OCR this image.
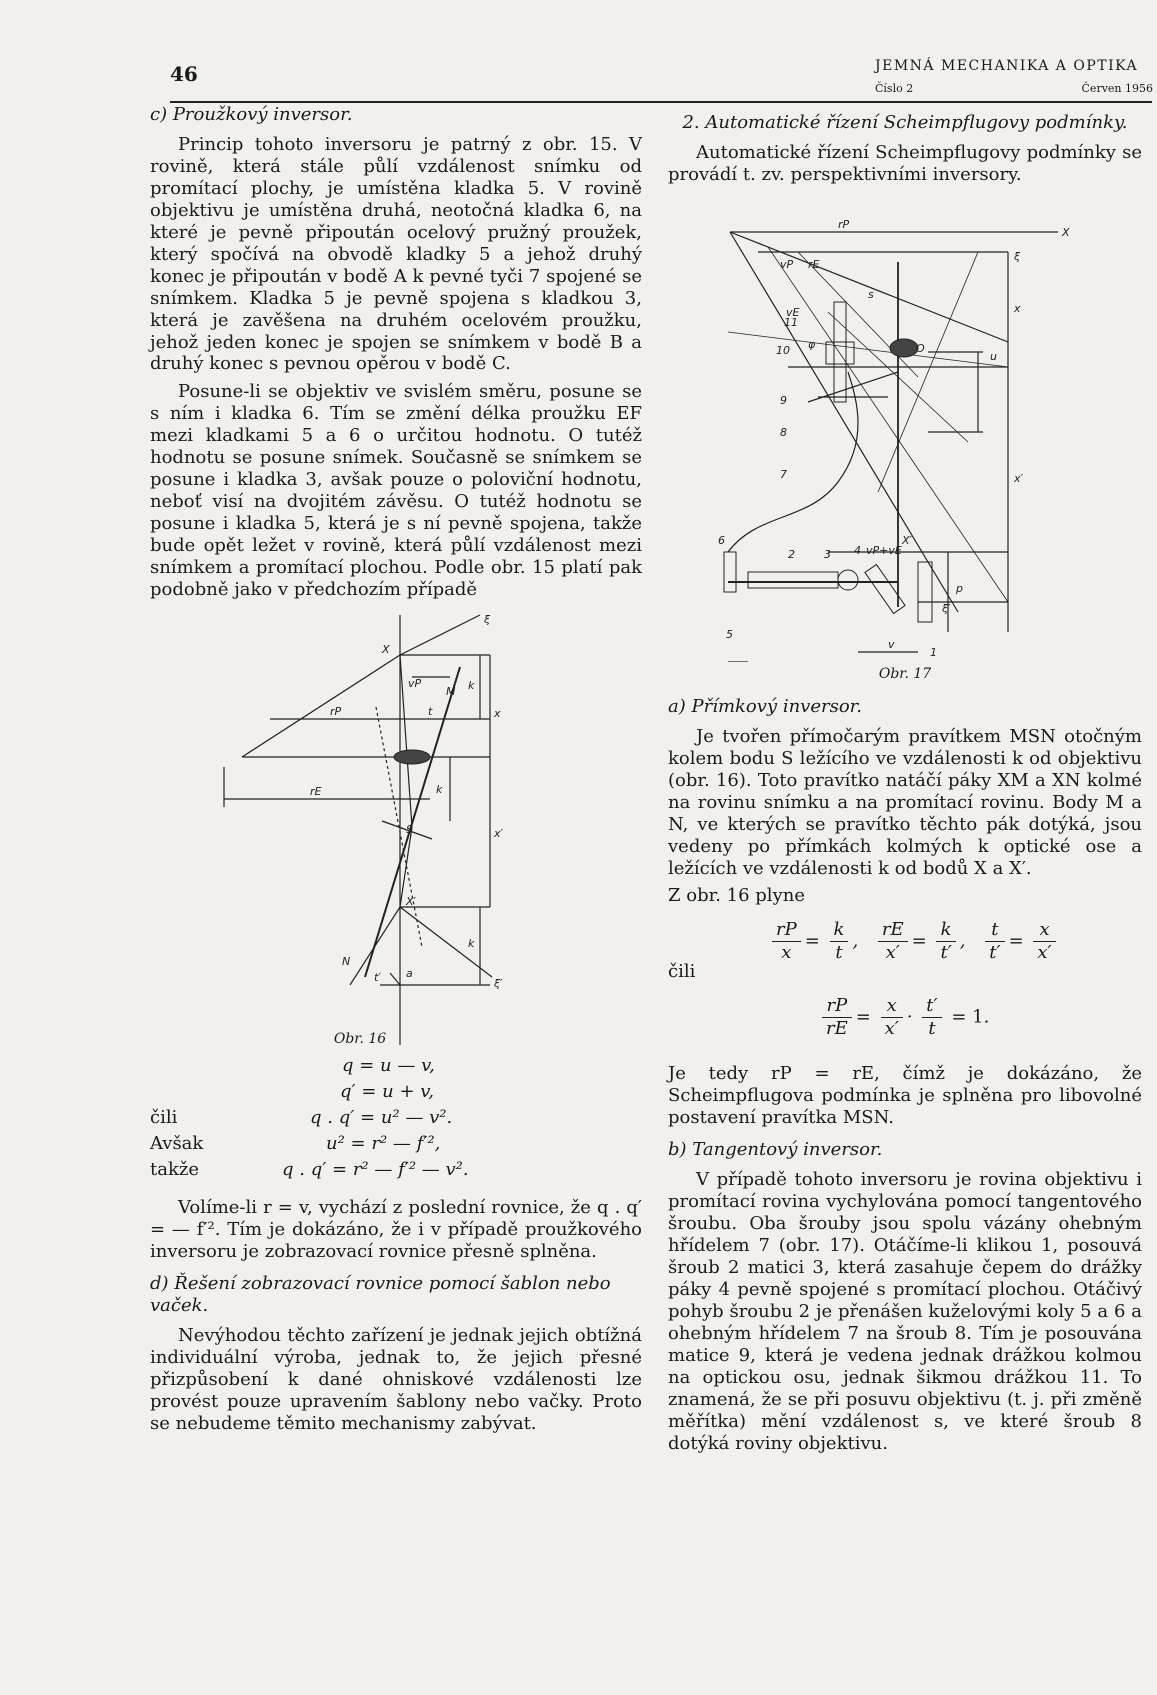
46	JEMNÁ MECHANIKA A OPTIKA
Číslo 2	Červen 1956
c) Proužkový inversor.

Princip tohoto inversoru je patrný z obr. 15. V rovině, která stále půlí vzdálenost snímku od promítací plochy, je umístěna kladka 5. V rovině objektivu je umístěna druhá, neotočná kladka 6, na které je pevně připoután ocelový pružný proužek, který spočívá na obvodě kladky 5 a jehož druhý konec je připoután v bodě A k pevné tyči 7 spojené se snímkem. Kladka 5 je pevně spojena s kladkou 3, která je zavěšena na druhém ocelovém proužku, jehož jeden konec je spojen se snímkem v bodě B a druhý konec s pevnou opěrou v bodě C.

Posune-li se objektiv ve svislém směru, posune se s ním i kladka 6. Tím se změní délka proužku EF mezi kladkami 5 a 6 o určitou hodnotu. O tutéž hodnotu se posune snímek. Současně se snímkem se posune i kladka 3, avšak pouze o poloviční hodnotu, neboť visí na dvojitém závěsu. O tutéž hodnotu se posune i kladka 5, která je s ní pevně spojena, takže bude opět ležet v rovině, která půlí vzdálenost mezi snímkem a promítací plochou. Podle obr. 15 platí pak podobně jako v předchozím případě

X
X′
S
M
N
rP
rE
vP
t
t′
k
k
k
x
x′
ξ
ξ′
a
Obr. 16
q = u — v,
q′ = u + v,
čili	q . q′ = u² — v².
Avšak	u² = r² — f′²,
takže	q . q′ = r² — f′² — v².

Volíme-li r = v, vychází z poslední rovnice, že q . q′ = — f′². Tím je dokázáno, že i v případě proužkového inversoru je zobrazovací rovnice přesně splněna.

d) Řešení zobrazovací rovnice pomocí šablon nebo vaček.

Nevýhodou těchto zařízení je jednak jejich obtížná individuální výroba, jednak to, že jejich přesné přizpůsobení k dané ohniskové vzdálenosti lze provést pouze upravením šablony nebo vačky. Proto se nebudeme těmito mechanismy zabývat.

2. Automatické řízení Scheimpflugovy podmínky.

Automatické řízení Scheimpflugovy podmínky se provádí t. zv. perspektivními inversory.

rP
X
ξ
vP rE
vE
s
u
x
x′
φ
11
10
9
8
7
6
2	3 4 vP+vE
5
1
O
X′
p
ξ′
v
Obr. 17
a) Přímkový inversor.

Je tvořen přímočarým pravítkem MSN otočným kolem bodu S ležícího ve vzdálenosti k od objektivu (obr. 16). Toto pravítko natáčí páky XM a XN kolmé na rovinu snímku a na promítací rovinu. Body M a N, ve kterých se pravítko těchto pák dotýká, jsou vedeny po přímkách kolmých k optické ose a ležících ve vzdálenosti k od bodů X a X′.

Z obr. 16 plyne

$\frac{rP}{x} = \frac{k}{t}$ , $\frac{rE}{x'} = \frac{k}{t'}$ , $\frac{t}{t'} = \frac{x}{x'}$
čili
$\frac{rP}{rE} = \frac{x}{x'} \cdot \frac{t'}{t} = 1$.

Je tedy rP = rE, čímž je dokázáno, že Scheimpflugova podmínka je splněna pro libovolné postavení pravítka MSN.

b) Tangentový inversor.

V případě tohoto inversoru je rovina objektivu i promítací rovina vychylována pomocí tangentového šroubu. Oba šrouby jsou spolu vázány ohebným hřídelem 7 (obr. 17). Otáčíme-li klikou 1, posouvá šroub 2 matici 3, která zasahuje čepem do drážky páky 4 pevně spojené s promítací plochou. Otáčivý pohyb šroubu 2 je přenášen kuželovými koly 5 a 6 a ohebným hřídelem 7 na šroub 8. Tím je posouvána matice 9, která je vedena jednak drážkou kolmou na optickou osu, jednak šikmou drážkou 11. To znamená, že se při posuvu objektivu (t. j. při změně měřítka) mění vzdálenost s, ve které šroub 8 dotýká roviny objektivu.
